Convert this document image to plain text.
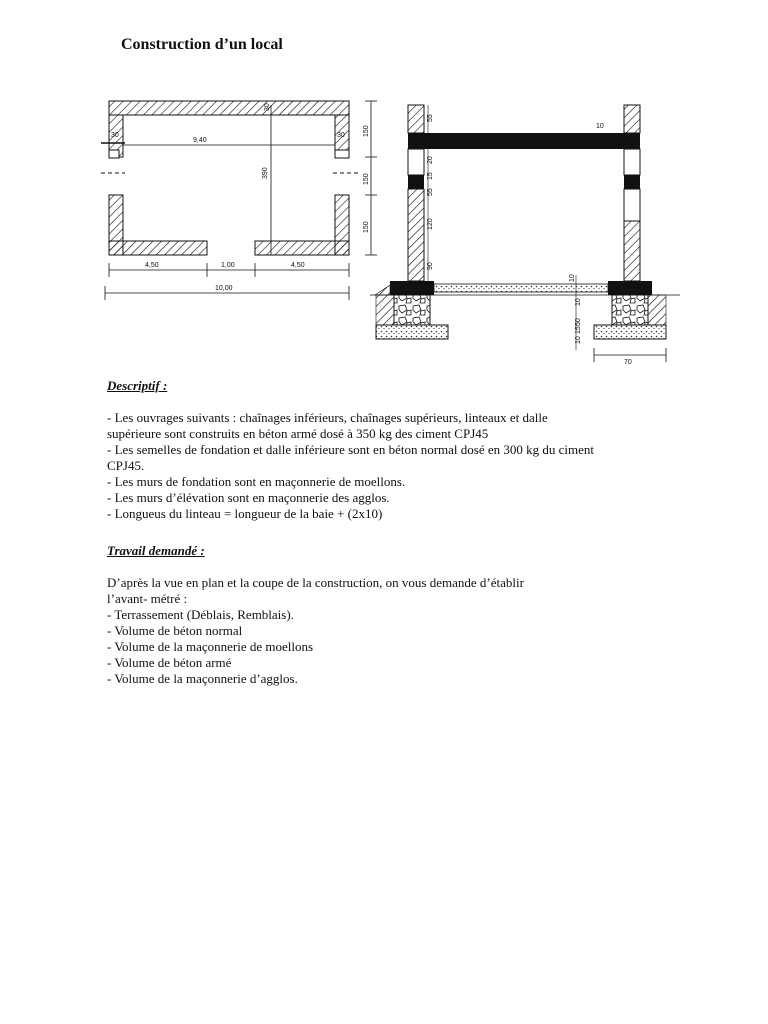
Construction d’un local
9,40
390
30
30	30	150
150
150
4,50	1,00	4,50
10,00
55
10
20
15
55
120
90
10
10
50
15
10
70
Descriptif :
- Les ouvrages suivants : chaînages inférieurs, chaînages supérieurs, linteaux et dalle
supérieure sont construits en béton armé dosé à 350 kg des ciment CPJ45
- Les semelles de fondation et dalle inférieure sont en béton normal dosé en 300 kg du ciment
CPJ45.
- Les murs de fondation sont en maçonnerie de moellons.
- Les murs d’élévation sont en maçonnerie des agglos.
- Longueus du linteau = longueur de la baie + (2x10)
Travail demandé :
D’après la vue en plan et la coupe de la construction, on vous demande d’établir
l’avant- métré :
- Terrassement (Déblais, Remblais).
- Volume de béton normal
- Volume de la maçonnerie de moellons
- Volume de béton armé
- Volume de la maçonnerie d’agglos.
